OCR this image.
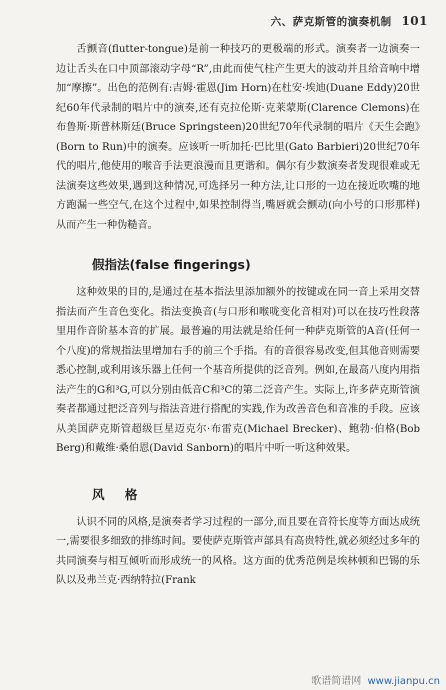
六、萨克斯管的演奏机制 101

舌颤音(flutter-tongue)是前一种技巧的更极端的形式。演奏者一边演奏一边让舌头在口中顶部滚动字母“R”,由此而使气柱产生更大的波动并且给音响中增加“摩擦”。出色的范例有:吉姆·霍恩(Jim Horn)在杜安·埃迪(Duane Eddy)20世纪60年代录制的唱片中的演奏,还有克拉伦斯·克莱蒙斯(Clarence Clemons)在布鲁斯·斯普林斯廷(Bruce Springsteen)20世纪70年代录制的唱片《天生会跑》(Born to Run)中的演奏。应该听一听加托·巴比里(Gato Barbieri)20世纪70年代的唱片,他使用的喉音手法更浪漫而且更谐和。偶尔有少数演奏者发现很难或无法演奏这些效果,遇到这种情况,可选择另一种方法,让口形的一边在接近吹嘴的地方跑漏一些空气,在这个过程中,如果控制得当,嘴唇就会颤动(向小号的口形那样)从而产生一种伪糙音。

假指法(false fingerings)

这种效果的目的,是通过在基本指法里添加额外的按键或在同一音上采用交替指法而产生音色变化。指法变换音(与口形和喉咙变化音相对)可以在技巧性段落里用作音阶基本音的扩展。最普遍的用法就是给任何一种萨克斯管的A音(任何一个八度)的常规指法里增加右手的前三个手指。有的音很容易改变,但其他音则需要悉心控制,或利用该乐器上任何一个基音所提供的泛音列。例如,在最高八度内用指法产生的G和³G,可以分别由低音C和³C的第二泛音产生。实际上,许多萨克斯管演奏者都通过把泛音列与指法音进行搭配的实践,作为改善音色和音准的手段。应该从美国萨克斯管超级巨星迈克尔·布雷克(Michael Brecker)、鲍勃·伯格(Bob Berg)和戴维·桑伯恩(David Sanborn)的唱片中听一听这种效果。

风 格

认识不同的风格,是演奏者学习过程的一部分,而且要在音符长度等方面达成统一,需要很多细致的排练时间。要使萨克斯管声部具有高贵特性,就必须经过多年的共同演奏与相互倾听而形成统一的风格。这方面的优秀范例是埃林顿和巴锡的乐队以及弗兰克·西纳特拉(Frank

歌谱简谱网 www.jianpu.cn
